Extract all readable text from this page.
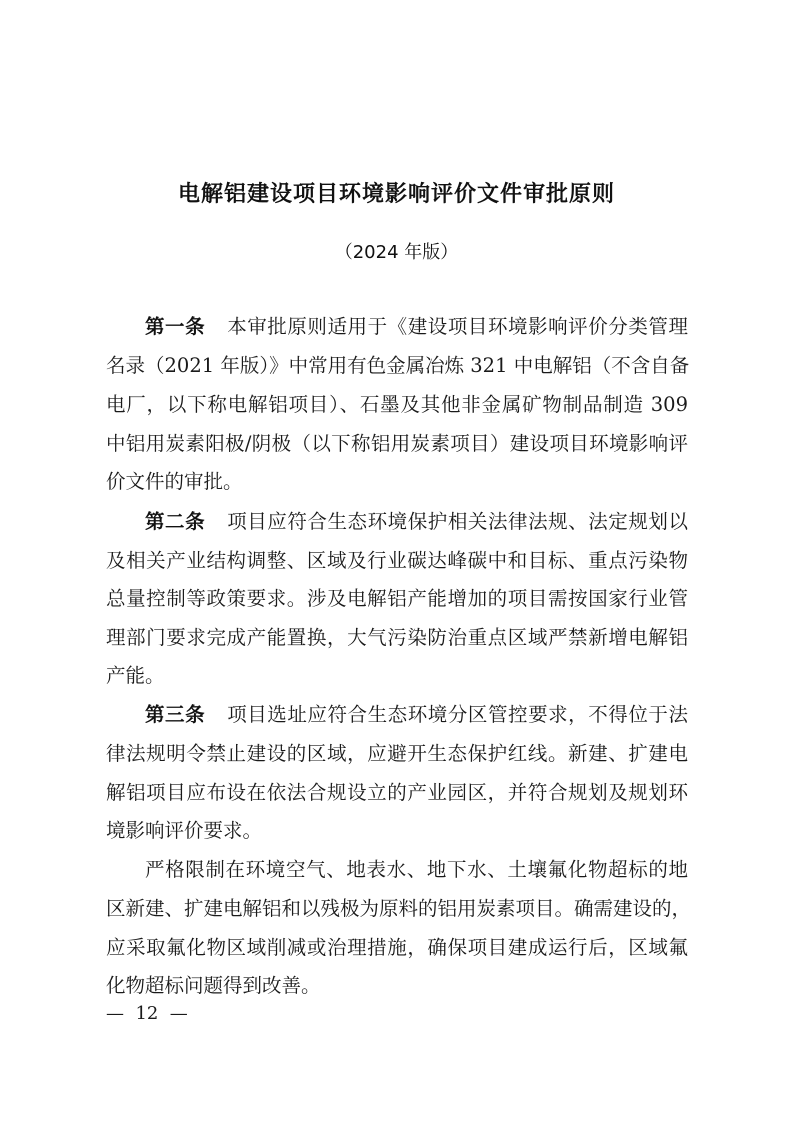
电解铝建设项目环境影响评价文件审批原则
（2024 年版）
第一条 本审批原则适用于《建设项目环境影响评价分类管理
名录（2021 年版）》中常用有色金属冶炼 321 中电解铝（不含自备
电厂，以下称电解铝项目）、石墨及其他非金属矿物制品制造 309
中铝用炭素阳极/阴极（以下称铝用炭素项目）建设项目环境影响评
价文件的审批。
第二条 项目应符合生态环境保护相关法律法规、法定规划以
及相关产业结构调整、区域及行业碳达峰碳中和目标、重点污染物
总量控制等政策要求。涉及电解铝产能增加的项目需按国家行业管
理部门要求完成产能置换，大气污染防治重点区域严禁新增电解铝
产能。
第三条 项目选址应符合生态环境分区管控要求，不得位于法
律法规明令禁止建设的区域，应避开生态保护红线。新建、扩建电
解铝项目应布设在依法合规设立的产业园区，并符合规划及规划环
境影响评价要求。
严格限制在环境空气、地表水、地下水、土壤氟化物超标的地
区新建、扩建电解铝和以残极为原料的铝用炭素项目。确需建设的，
应采取氟化物区域削减或治理措施，确保项目建成运行后，区域氟
化物超标问题得到改善。
—  12  —
